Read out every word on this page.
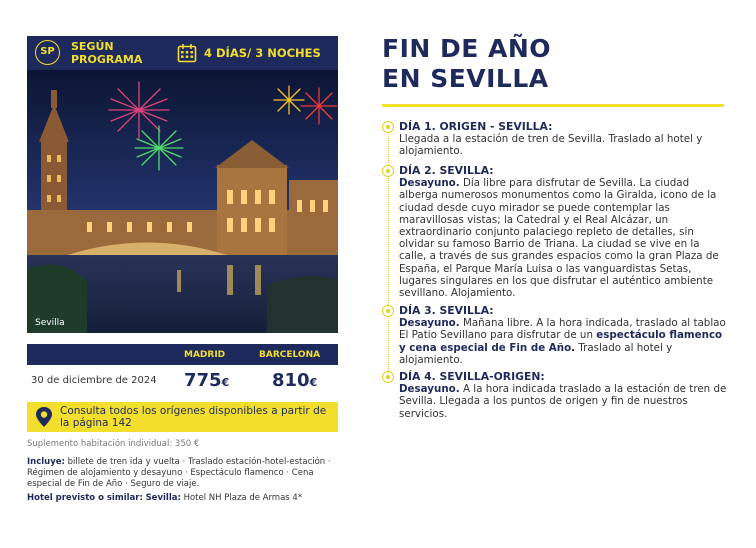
SP	SEGÚN
PROGRAMA	4 DÍAS/ 3 NOCHES
Sevilla
MADRID	BARCELONA
30 de diciembre de 2024 775€ 810€
Consulta todos los orígenes disponibles a partir de la página 142
Suplemento habitación individual: 350 €
Incluye: billete de tren ida y vuelta · Traslado estación-hotel-estación · Régimen de alojamiento y desayuno · Espectáculo flamenco · Cena especial de Fin de Año · Seguro de viaje.
Hotel previsto o similar: Sevilla: Hotel NH Plaza de Armas 4*
FIN DE AÑO
EN SEVILLA
DÍA 1. ORIGEN - SEVILLA:
Llegada a la estación de tren de Sevilla. Traslado al hotel y alojamiento.
DÍA 2. SEVILLA:
Desayuno. Día libre para disfrutar de Sevilla. La ciudad alberga numerosos monumentos como la Giralda, icono de la ciudad desde cuyo mirador se puede contemplar las maravillosas vistas; la Catedral y el Real Alcázar, un extraordinario conjunto palaciego repleto de detalles, sin olvidar su famoso Barrio de Triana. La ciudad se vive en la calle, a través de sus grandes espacios como la gran Plaza de España, el Parque María Luisa o las vanguardistas Setas, lugares singulares en los que disfrutar el auténtico ambiente sevillano. Alojamiento.
DÍA 3. SEVILLA:
Desayuno. Mañana libre. A la hora indicada, traslado al tablao El Patio Sevillano para disfrutar de un espectáculo flamenco y cena especial de Fin de Año. Traslado al hotel y alojamiento.
DÍA 4. SEVILLA-ORIGEN:
Desayuno. A la hora indicada traslado a la estación de tren de Sevilla. Llegada a los puntos de origen y fin de nuestros servicios.
